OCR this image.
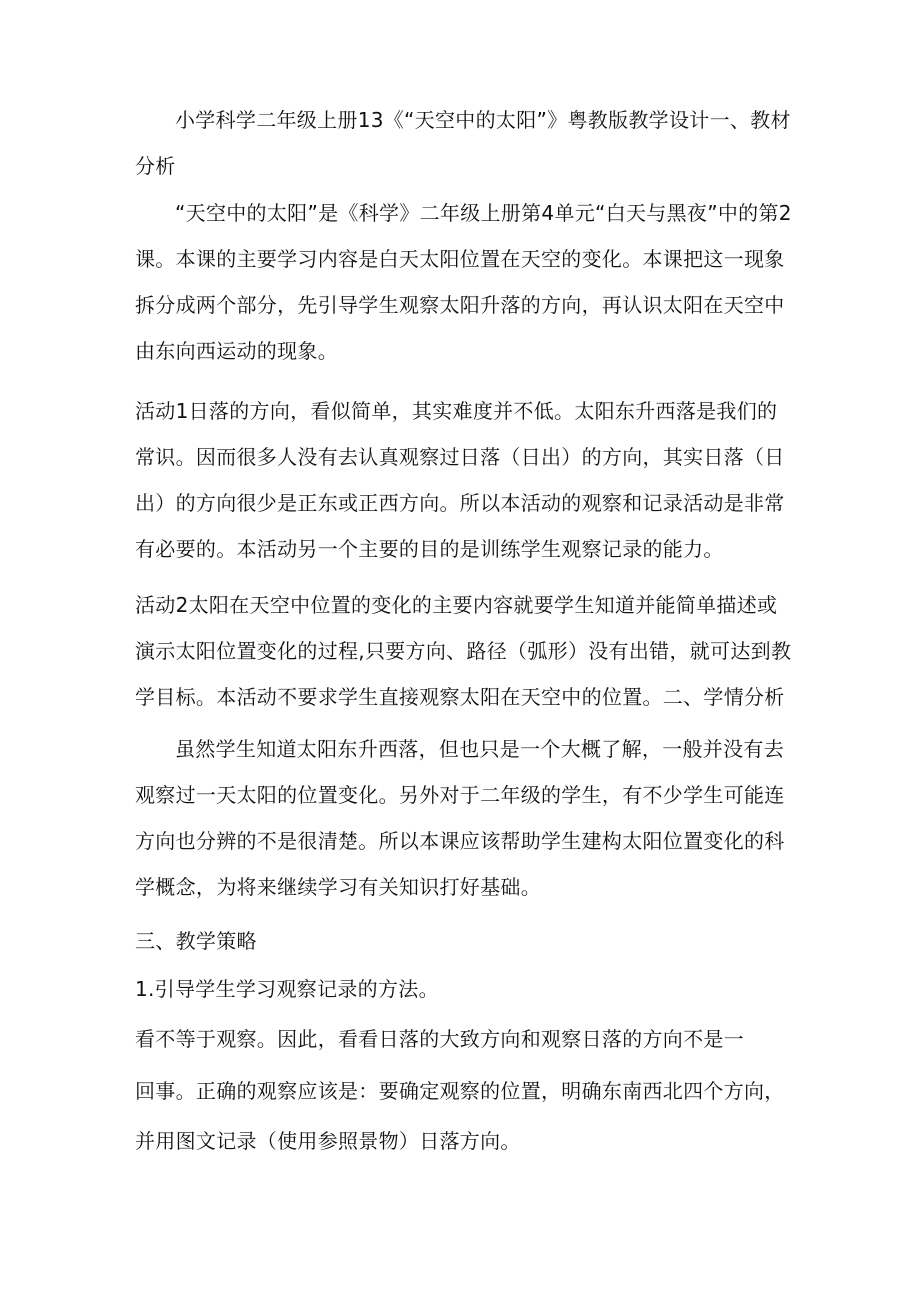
小学科学二年级上册13《“天空中的太阳”》粤教版教学设计一、教材分析

“天空中的太阳”是《科学》二年级上册第4单元“白天与黑夜”中的第2课。本课的主要学习内容是白天太阳位置在天空的变化。本课把这一现象拆分成两个部分，先引导学生观察太阳升落的方向，再认识太阳在天空中由东向西运动的现象。

活动1日落的方向，看似简单，其实难度并不低。太阳东升西落是我们的常识。因而很多人没有去认真观察过日落（日出）的方向，其实日落（日出）的方向很少是正东或正西方向。所以本活动的观察和记录活动是非常有必要的。本活动另一个主要的目的是训练学生观察记录的能力。

活动2太阳在天空中位置的变化的主要内容就要学生知道并能简单描述或演示太阳位置变化的过程,只要方向、路径（弧形）没有出错，就可达到教学目标。本活动不要求学生直接观察太阳在天空中的位置。二、学情分析

虽然学生知道太阳东升西落，但也只是一个大概了解，一般并没有去观察过一天太阳的位置变化。另外对于二年级的学生，有不少学生可能连方向也分辨的不是很清楚。所以本课应该帮助学生建构太阳位置变化的科学概念，为将来继续学习有关知识打好基础。

三、教学策略

1.引导学生学习观察记录的方法。

看不等于观察。因此，看看日落的大致方向和观察日落的方向不是一

回事。正确的观察应该是：要确定观察的位置，明确东南西北四个方向，

并用图文记录（使用参照景物）日落方向。
